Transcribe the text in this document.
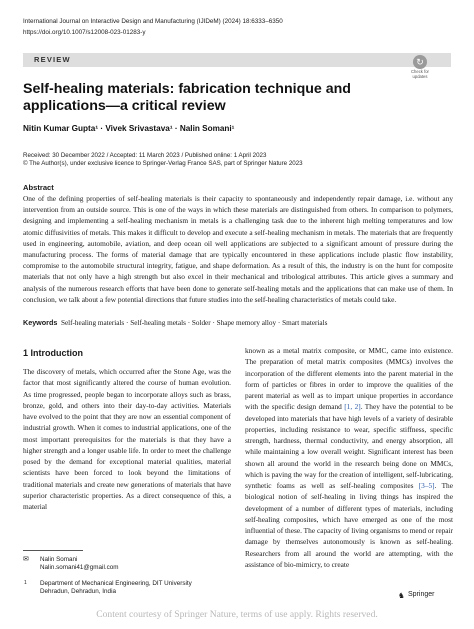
International Journal on Interactive Design and Manufacturing (IJIDeM) (2024) 18:6333–6350
https://doi.org/10.1007/s12008-023-01283-y
REVIEW	↻
Check for updates
Self-healing materials: fabrication technique and applications—a critical review
Nitin Kumar Gupta¹ · Vivek Srivastava¹ · Nalin Somani¹
Received: 30 December 2022 / Accepted: 11 March 2023 / Published online: 1 April 2023
© The Author(s), under exclusive licence to Springer-Verlag France SAS, part of Springer Nature 2023
Abstract
One of the defining properties of self-healing materials is their capacity to spontaneously and independently repair damage, i.e. without any intervention from an outside source. This is one of the ways in which these materials are distinguished from others. In comparison to polymers, designing and implementing a self-healing mechanism in metals is a challenging task due to the inherent high melting temperatures and low atomic diffusivities of metals. This makes it difficult to develop and execute a self-healing mechanism in metals. The materials that are frequently used in engineering, automobile, aviation, and deep ocean oil well applications are subjected to a significant amount of pressure during the manufacturing process. The forms of material damage that are typically encountered in these applications include plastic flow instability, compromise to the automobile structural integrity, fatigue, and shape deformation. As a result of this, the industry is on the hunt for composite materials that not only have a high strength but also excel in their mechanical and tribological attributes. This article gives a summary and analysis of the numerous research efforts that have been done to generate self-healing metals and the applications that can make use of them. In conclusion, we talk about a few potential directions that future studies into the self-healing characteristics of metals could take.
Keywords Self-healing materials · Self-healing metals · Solder · Shape memory alloy · Smart materials
1 Introduction
The discovery of metals, which occurred after the Stone Age, was the factor that most significantly altered the course of human evolution. As time progressed, people began to incorporate alloys such as brass, bronze, gold, and others into their day-to-day activities. Materials have evolved to the point that they are now an essential component of industrial growth. When it comes to industrial applications, one of the most important prerequisites for the materials is that they have a higher strength and a longer usable life. In order to meet the challenge posed by the demand for exceptional material qualities, material scientists have been forced to look beyond the limitations of traditional materials and create new generations of materials that have superior characteristic properties. As a direct consequence of this, a material
known as a metal matrix composite, or MMC, came into existence. The preparation of metal matrix composites (MMCs) involves the incorporation of the different elements into the parent material in the form of particles or fibres in order to improve the qualities of the parent material as well as to impart unique properties in accordance with the specific design demand [1, 2]. They have the potential to be developed into materials that have high levels of a variety of desirable properties, including resistance to wear, specific stiffness, specific strength, hardness, thermal conductivity, and energy absorption, all while maintaining a low overall weight. Significant interest has been shown all around the world in the research being done on MMCs, which is paving the way for the creation of intelligent, self-lubricating, synthetic foams as well as self-healing composites [3–5]. The biological notion of self-healing in living things has inspired the development of a number of different types of materials, including self-healing composites, which have emerged as one of the most influential of these. The capacity of living organisms to mend or repair damage by themselves autonomously is known as self-healing. Researchers from all around the world are attempting, with the assistance of bio-mimicry, to create
✉ Nalin Somani
Nalin.somani41@gmail.com
1 Department of Mechanical Engineering, DIT University Dehradun, Dehradun, India	♞ Springer
Content courtesy of Springer Nature, terms of use apply. Rights reserved.
